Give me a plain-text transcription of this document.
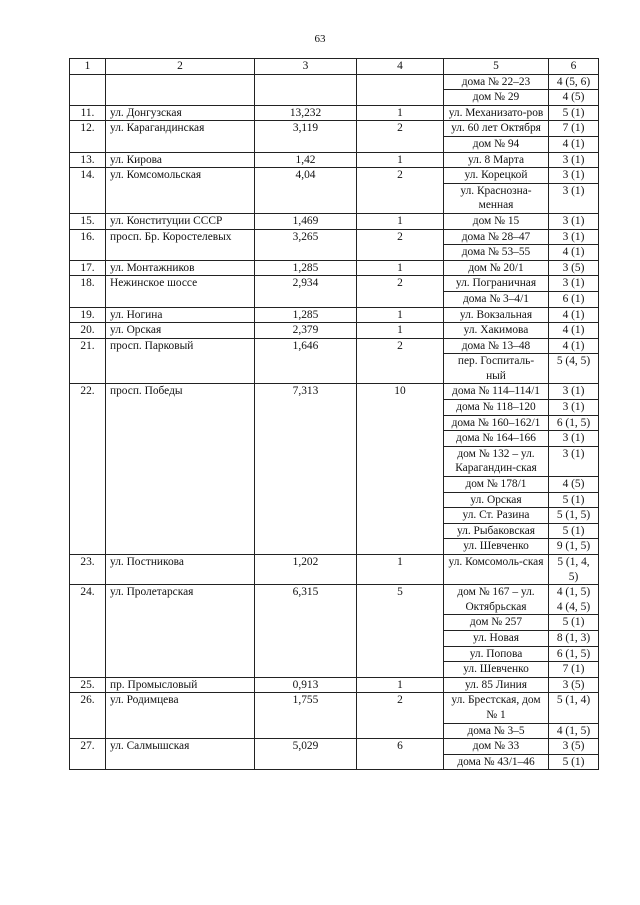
63
1	2	3	4	5	6
				дома № 22–23	4 (5, 6)
				дом № 29	4 (5)
11.	ул. Донгузская	13,232	1	ул. Механизато-ров	5 (1)
12.	ул. Карагандинская	3,119	2	ул. 60 лет Октября	7 (1)
				дом № 94	4 (1)
13.	ул. Кирова	1,42	1	ул. 8 Марта	3 (1)
14.	ул. Комсомольская	4,04	2	ул. Корецкой	3 (1)
				ул. Краснозна-менная	3 (1)
15.	ул. Конституции СССР	1,469	1	дом № 15	3 (1)
16.	просп. Бр. Коростелевых	3,265	2	дома № 28–47	3 (1)
				дома № 53–55	4 (1)
17.	ул. Монтажников	1,285	1	дом № 20/1	3 (5)
18.	Нежинское шоссе	2,934	2	ул. Пограничная	3 (1)
				дома № 3–4/1	6 (1)
19.	ул. Ногина	1,285	1	ул. Вокзальная	4 (1)
20.	ул. Орская	2,379	1	ул. Хакимова	4 (1)
21.	просп. Парковый	1,646	2	дома № 13–48	4 (1)
				пер. Госпиталь-ный	5 (4, 5)
22.	просп. Победы	7,313	10	дома № 114–114/1	3 (1)
				дома № 118–120	3 (1)
				дома № 160–162/1	6 (1, 5)
				дома № 164–166	3 (1)
				дом № 132 – ул. Карагандин-ская	3 (1)
				дом № 178/1	4 (5)
				ул. Орская	5 (1)
				ул. Ст. Разина	5 (1, 5)
				ул. Рыбаковская	5 (1)
				ул. Шевченко	9 (1, 5)
23.	ул. Постникова	1,202	1	ул. Комсомоль-ская	5 (1, 4, 5)
24.	ул. Пролетарская	6,315	5	дом № 167 – ул. Октябрьская	4 (1, 5) 4 (4, 5)
				дом № 257	5 (1)
				ул. Новая	8 (1, 3)
				ул. Попова	6 (1, 5)
				ул. Шевченко	7 (1)
25.	пр. Промысловый	0,913	1	ул. 85 Линия	3 (5)
26.	ул. Родимцева	1,755	2	ул. Брестская, дом № 1	5 (1, 4)
				дома № 3–5	4 (1, 5)
27.	ул. Салмышская	5,029	6	дом № 33	3 (5)
				дома № 43/1–46	5 (1)
